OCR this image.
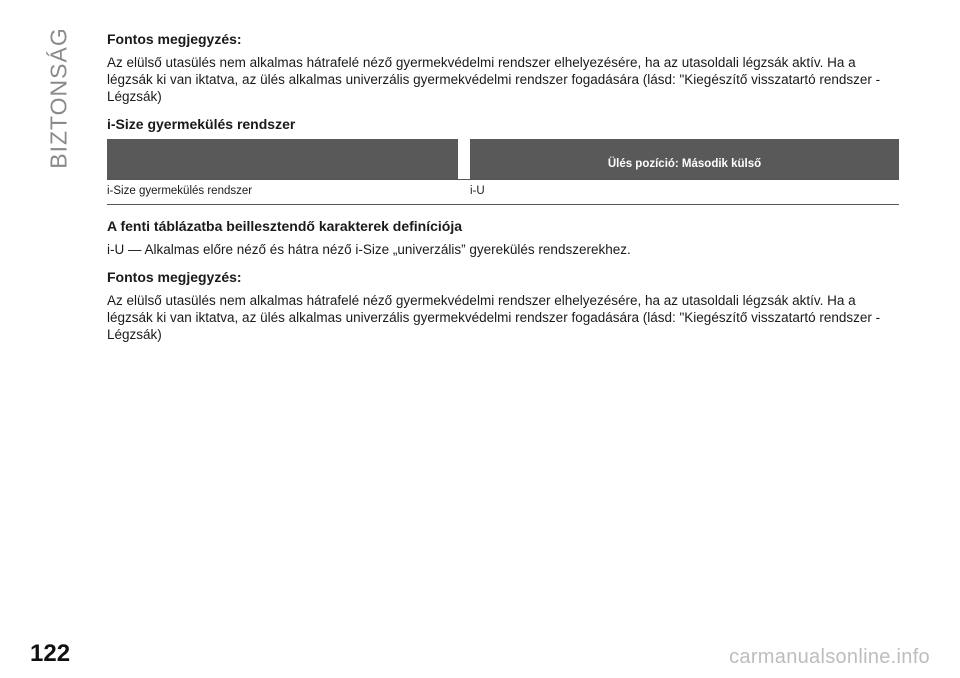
BIZTONSÁG	Fontos megjegyzés:

Az elülső utasülés nem alkalmas hátrafelé néző gyermekvédelmi rendszer elhelyezésére, ha az utasoldali légzsák aktív. Ha a légzsák ki van iktatva, az ülés alkalmas univerzális gyermekvédelmi rendszer fogadására (lásd: "Kiegészítő visszatartó rendszer - Légzsák)

i-Size gyermekülés rendszer
		Ülés pozíció: Második külső
i-Size gyermekülés rendszer		i-U
A fenti táblázatba beillesztendő karakterek definíciója

i-U — Alkalmas előre néző és hátra néző i-Size „univerzális” gyerekülés rendszerekhez.

Fontos megjegyzés:

Az elülső utasülés nem alkalmas hátrafelé néző gyermekvédelmi rendszer elhelyezésére, ha az utasoldali légzsák aktív. Ha a légzsák ki van iktatva, az ülés alkalmas univerzális gyermekvédelmi rendszer fogadására (lásd: "Kiegészítő visszatartó rendszer - Légzsák)

122	carmanualsonline.info
